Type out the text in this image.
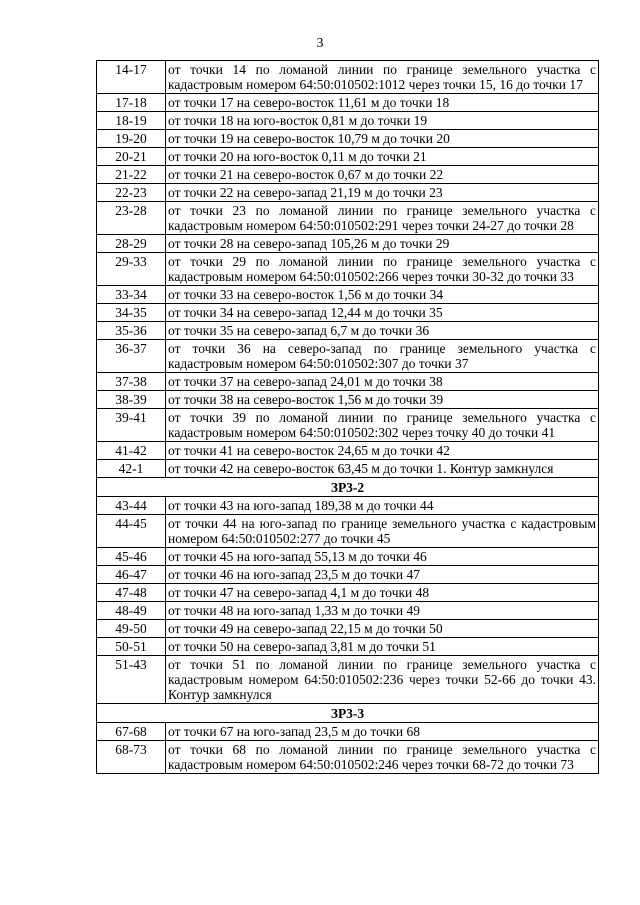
3
14-17	от точки 14 по ломаной линии по границе земельного участка с кадастровым номером 64:50:010502:1012 через точки 15, 16 до точки 17
17-18	от точки 17 на северо-восток 11,61 м до точки 18
18-19	от точки 18 на юго-восток 0,81 м до точки 19
19-20	от точки 19 на северо-восток 10,79 м до точки 20
20-21	от точки 20 на юго-восток 0,11 м до точки 21
21-22	от точки 21 на северо-восток 0,67 м до точки 22
22-23	от точки 22 на северо-запад 21,19 м до точки 23
23-28	от точки 23 по ломаной линии по границе земельного участка с кадастровым номером 64:50:010502:291 через точки 24-27 до точки 28
28-29	от точки 28 на северо-запад 105,26 м до точки 29
29-33	от точки 29 по ломаной линии по границе земельного участка с кадастровым номером 64:50:010502:266 через точки 30-32 до точки 33
33-34	от точки 33 на северо-восток 1,56 м до точки 34
34-35	от точки 34 на северо-запад 12,44 м до точки 35
35-36	от точки 35 на северо-запад 6,7 м до точки 36
36-37	от точки 36 на северо-запад по границе земельного участка с кадастровым номером 64:50:010502:307 до точки 37
37-38	от точки 37 на северо-запад 24,01 м до точки 38
38-39	от точки 38 на северо-восток 1,56 м до точки 39
39-41	от точки 39 по ломаной линии по границе земельного участка с кадастровым номером 64:50:010502:302 через точку 40 до точки 41
41-42	от точки 41 на северо-восток 24,65 м до точки 42
42-1	от точки 42 на северо-восток 63,45 м до точки 1. Контур замкнулся
ЗР3-2	
43-44	от точки 43 на юго-запад 189,38 м до точки 44
44-45	от точки 44 на юго-запад по границе земельного участка с кадастровым номером 64:50:010502:277 до точки 45
45-46	от точки 45 на юго-запад 55,13 м до точки 46
46-47	от точки 46 на юго-запад 23,5 м до точки 47
47-48	от точки 47 на северо-запад 4,1 м до точки 48
48-49	от точки 48 на юго-запад 1,33 м до точки 49
49-50	от точки 49 на северо-запад 22,15 м до точки 50
50-51	от точки 50 на северо-запад 3,81 м до точки 51
51-43	от точки 51 по ломаной линии по границе земельного участка с кадастровым номером 64:50:010502:236 через точки 52-66 до точки 43. Контур замкнулся
ЗР3-3	
67-68	от точки 67 на юго-запад 23,5 м до точки 68
68-73	от точки 68 по ломаной линии по границе земельного участка с кадастровым номером 64:50:010502:246 через точки 68-72 до точки 73
